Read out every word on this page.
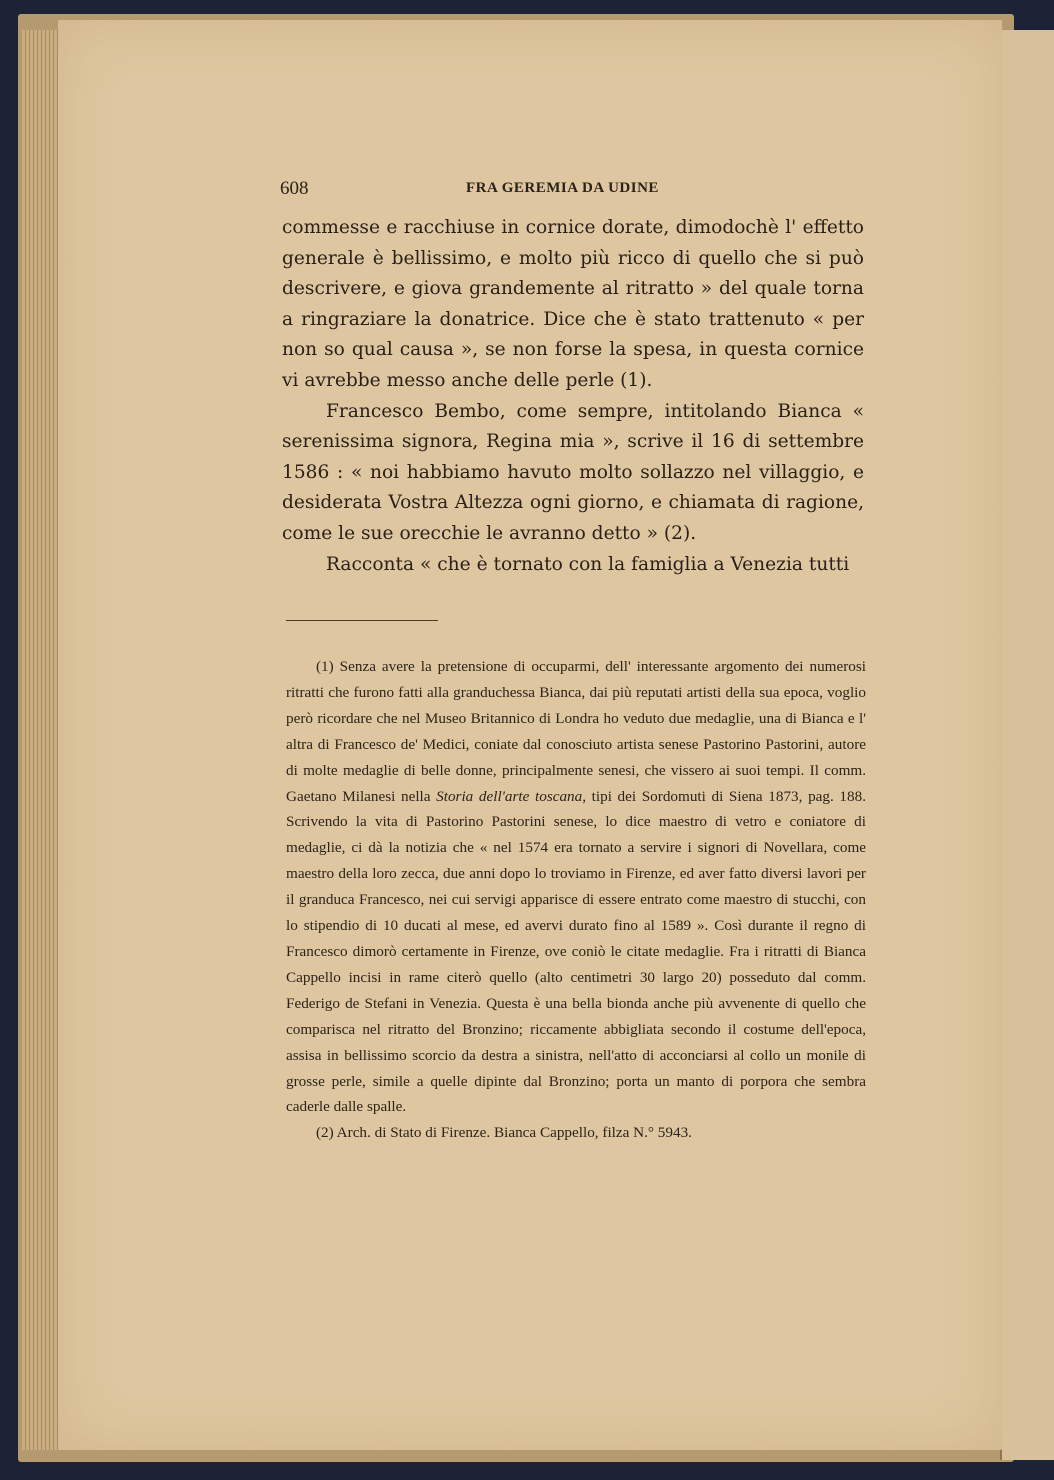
608	FRA GEREMIA DA UDINE

commesse e racchiuse in cornice dorate, dimodochè l' effetto generale è bellissimo, e molto più ricco di quello che si può descrivere, e giova grandemente al ritratto » del quale torna a ringraziare la donatrice. Dice che è stato trattenuto « per non so qual causa », se non forse la spesa, in questa cornice vi avrebbe messo anche delle perle (1).

Francesco Bembo, come sempre, intitolando Bianca « serenissima signora, Regina mia », scrive il 16 di settembre 1586 : « noi habbiamo havuto molto sollazzo nel villaggio, e desiderata Vostra Altezza ogni giorno, e chiamata di ragione, come le sue orecchie le avranno detto » (2).

Racconta « che è tornato con la famiglia a Venezia tutti

(1) Senza avere la pretensione di occuparmi, dell' interessante argomento dei numerosi ritratti che furono fatti alla granduchessa Bianca, dai più reputati artisti della sua epoca, voglio però ricordare che nel Museo Britannico di Londra ho veduto due medaglie, una di Bianca e l' altra di Francesco de' Medici, coniate dal conosciuto artista senese Pastorino Pastorini, autore di molte medaglie di belle donne, principalmente senesi, che vissero ai suoi tempi. Il comm. Gaetano Milanesi nella Storia dell'arte toscana, tipi dei Sordomuti di Siena 1873, pag. 188. Scrivendo la vita di Pastorino Pastorini senese, lo dice maestro di vetro e coniatore di medaglie, ci dà la notizia che « nel 1574 era tornato a servire i signori di Novellara, come maestro della loro zecca, due anni dopo lo troviamo in Firenze, ed aver fatto diversi lavori per il granduca Francesco, nei cui servigi apparisce di essere entrato come maestro di stucchi, con lo stipendio di 10 ducati al mese, ed avervi durato fino al 1589 ». Così durante il regno di Francesco dimorò certamente in Firenze, ove coniò le citate medaglie. Fra i ritratti di Bianca Cappello incisi in rame citerò quello (alto centimetri 30 largo 20) posseduto dal comm. Federigo de Stefani in Venezia. Questa è una bella bionda anche più avvenente di quello che comparisca nel ritratto del Bronzino; riccamente abbigliata secondo il costume dell'epoca, assisa in bellissimo scorcio da destra a sinistra, nell'atto di acconciarsi al collo un monile di grosse perle, simile a quelle dipinte dal Bronzino; porta un manto di porpora che sembra caderle dalle spalle.

(2) Arch. di Stato di Firenze. Bianca Cappello, filza N.° 5943.
